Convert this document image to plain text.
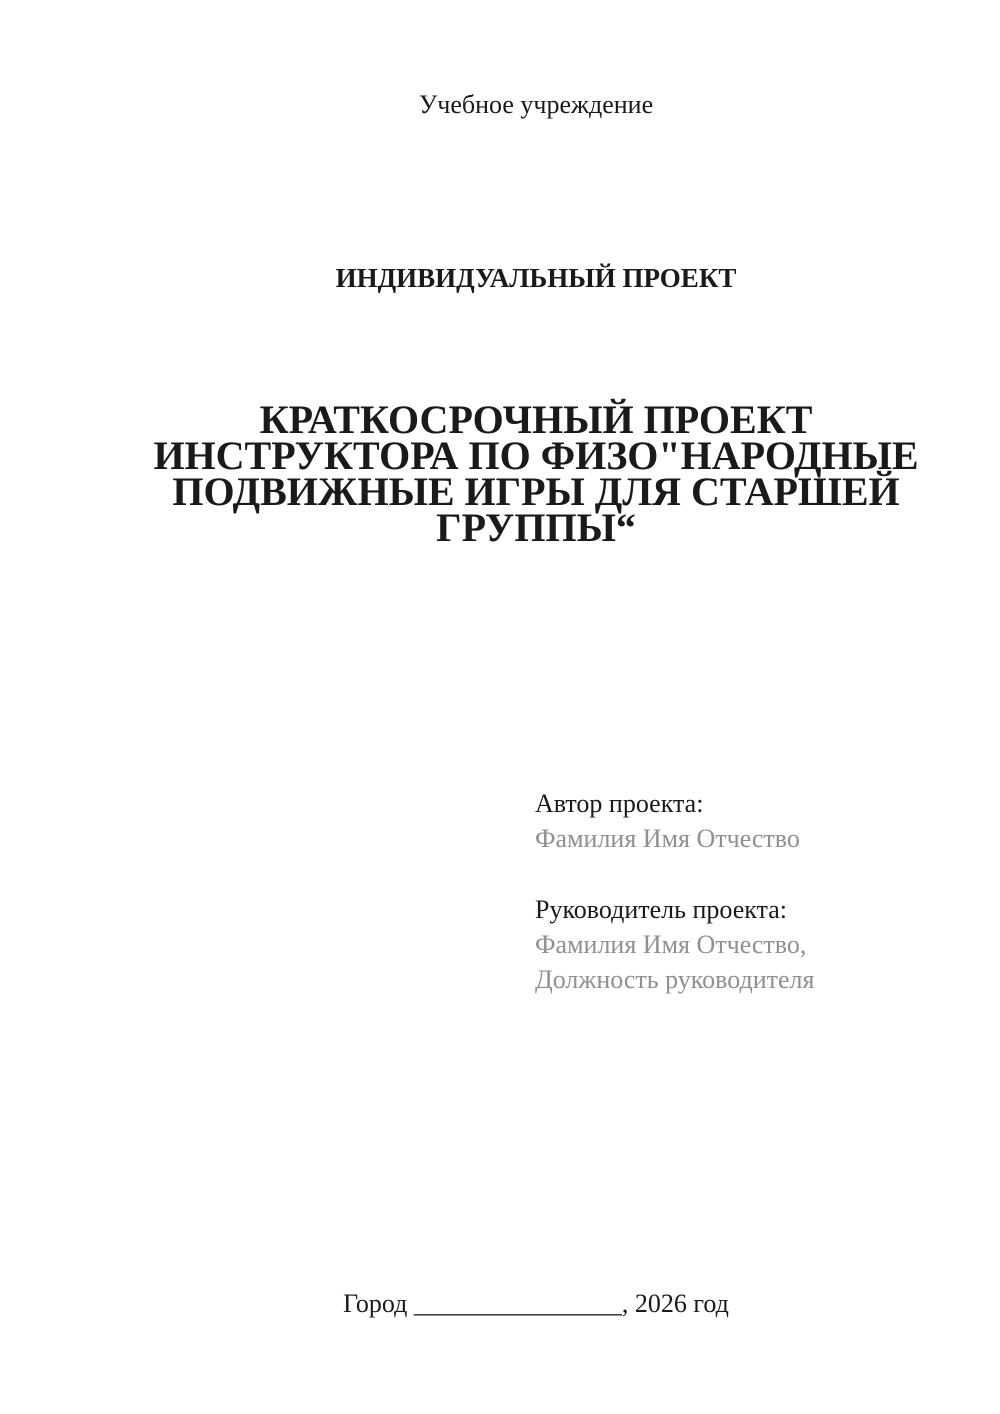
Учебное учреждение
ИНДИВИДУАЛЬНЫЙ ПРОЕКТ
КРАТКОСРОЧНЫЙ ПРОЕКТ
ИНСТРУКТОРА ПО ФИЗО"НАРОДНЫЕ
ПОДВИЖНЫЕ ИГРЫ ДЛЯ СТАРШЕЙ
ГРУППЫ“
Автор проекта:
Фамилия Имя Отчество
Руководитель проекта:
Фамилия Имя Отчество,
Должность руководителя
Город ________________, 2026 год
